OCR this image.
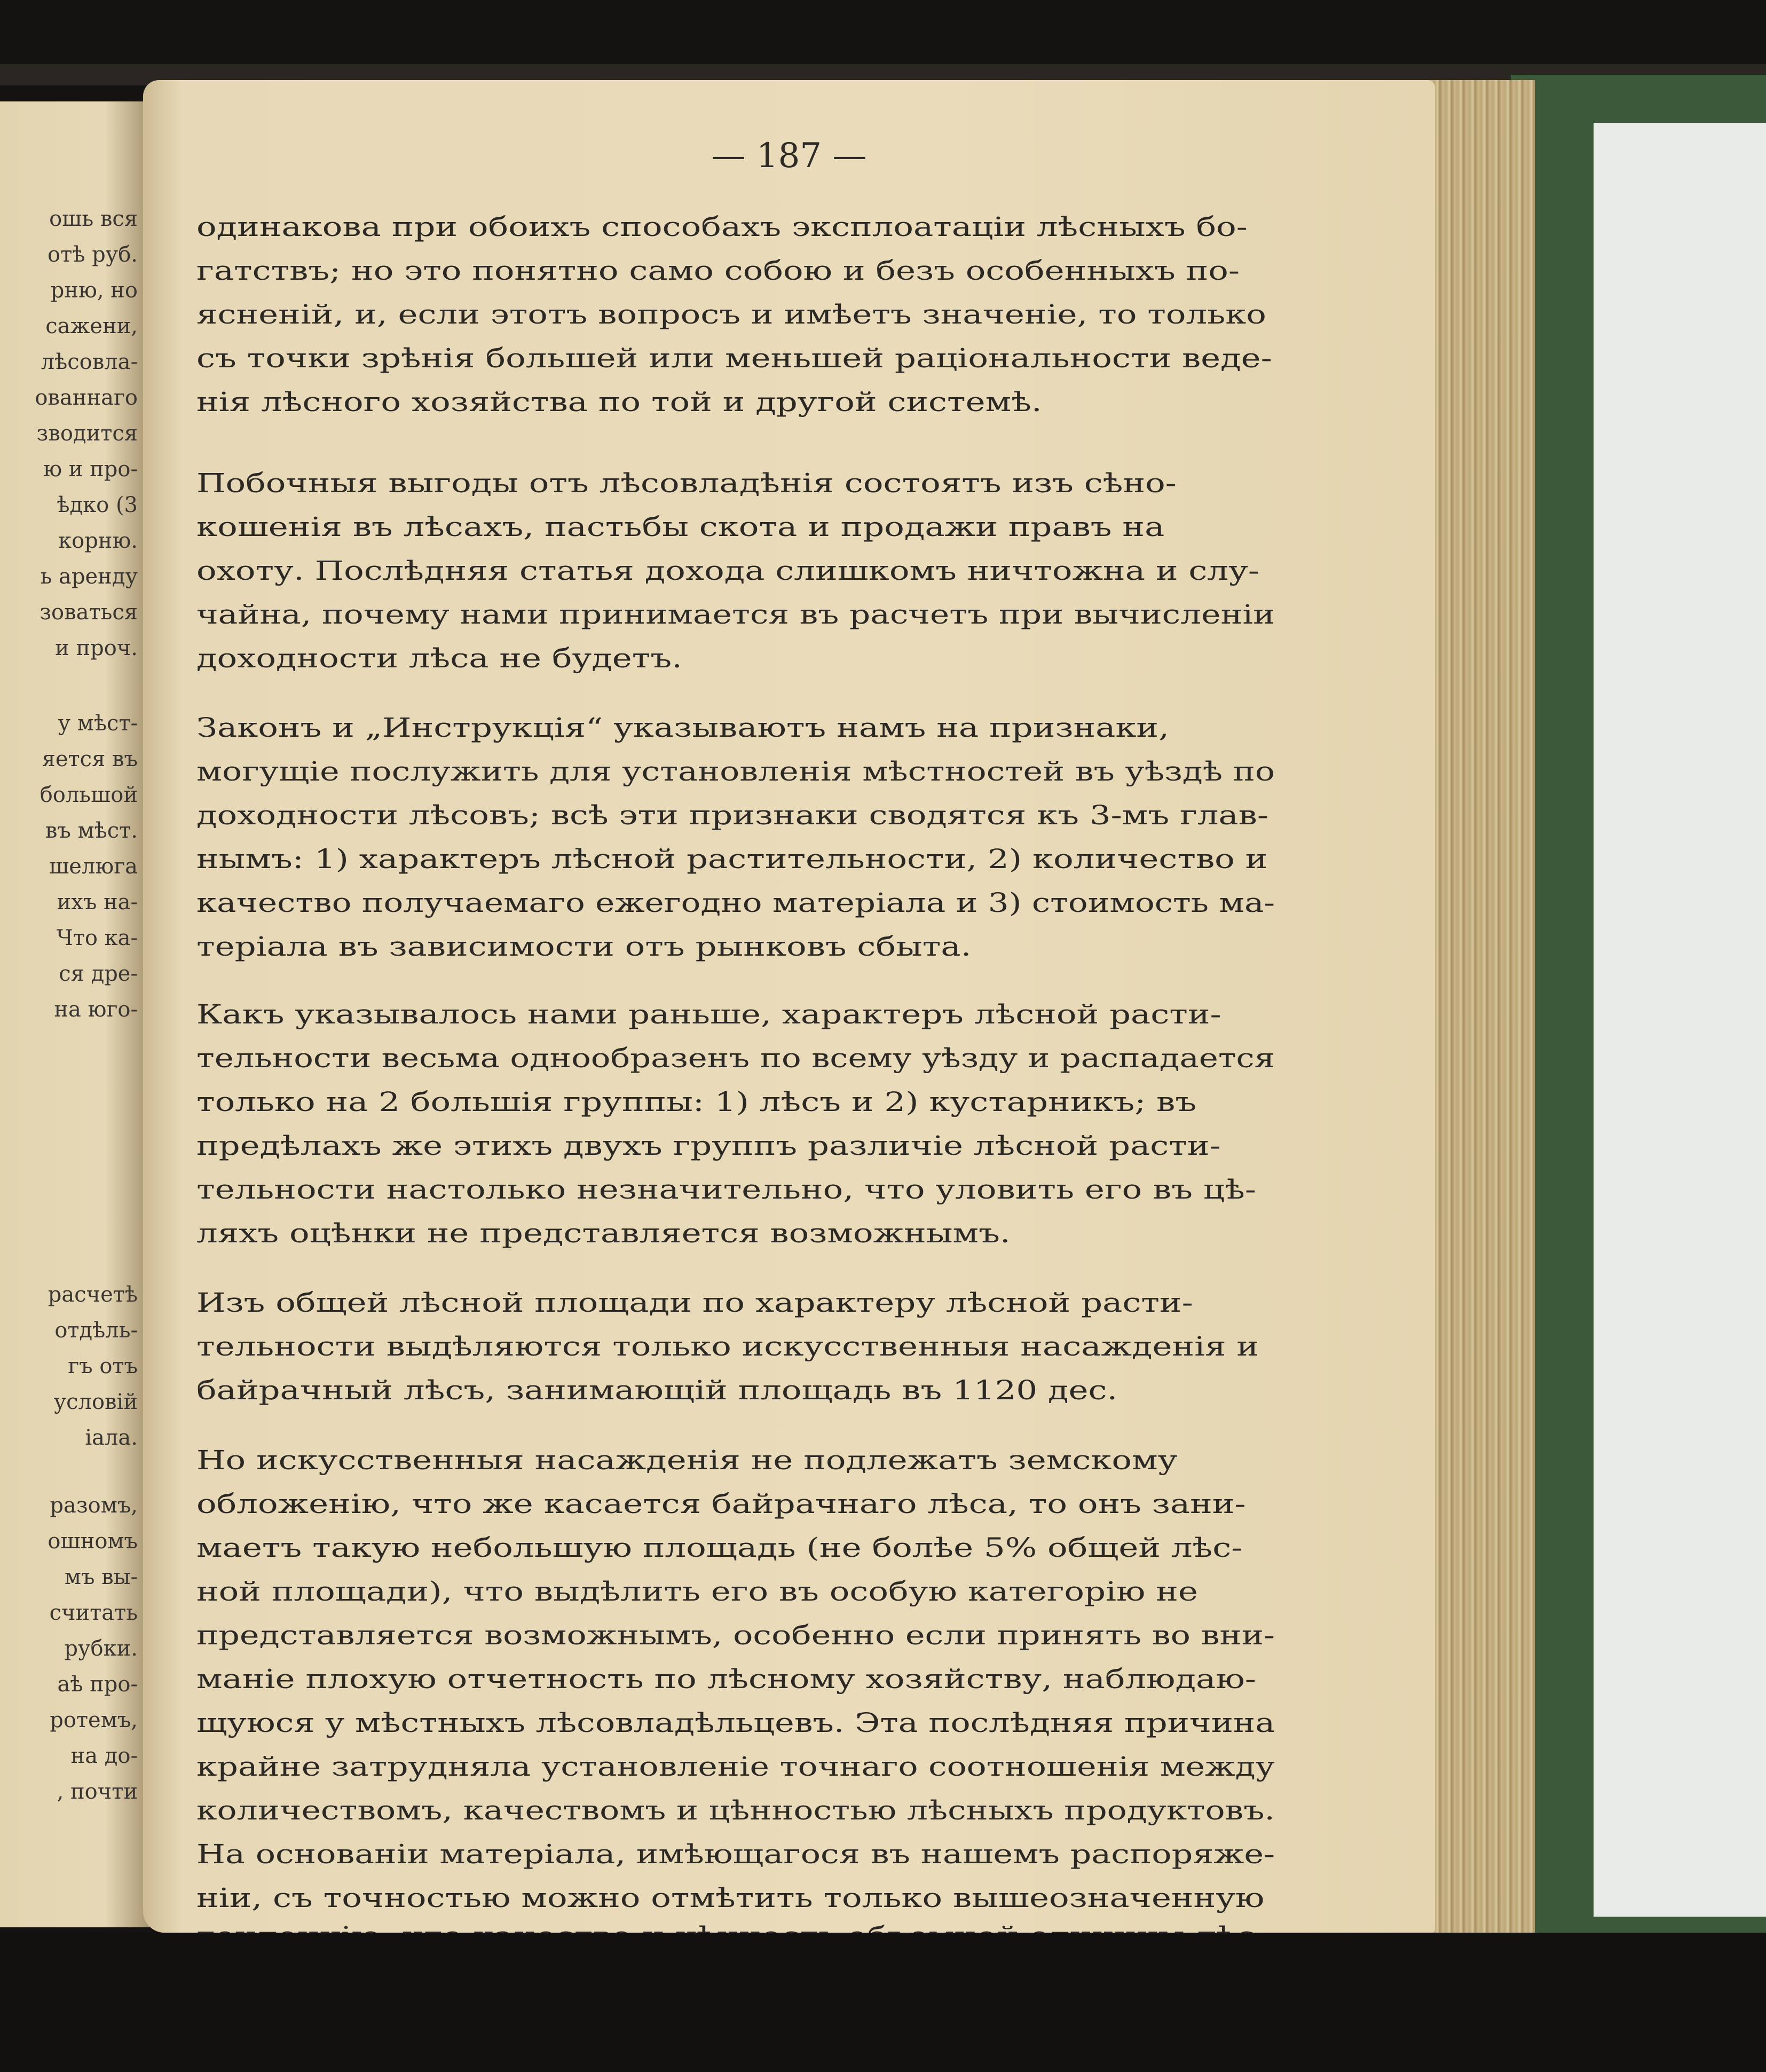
ошь вся
отѣ руб.
рню, но
сажени,
лѣсовла-
ованнаго
зводится
ю и про-
ѣдко (3
корню.
ь аренду
зоваться
и проч.
у мѣст-
яется въ
большой
въ мѣст.
шелюга
ихъ на-
Что ка-
ся дре-
на юго-
расчетѣ
отдѣль-
гъ отъ
условій
іала.
разомъ,
ошномъ
мъ вы-
считать
рубки.
аѣ про-
ротемъ,
на до-
, почти
— 187 —
одинакова при обоихъ способахъ эксплоатаціи лѣсныхъ бо-
гатствъ; но это понятно само собою и безъ особенныхъ по-
ясненій, и, если этотъ вопросъ и имѣетъ значеніе, то только
съ точки зрѣнія большей или меньшей раціональности веде-
нія лѣсного хозяйства по той и другой системѣ.
Побочныя выгоды отъ лѣсовладѣнія состоятъ изъ сѣно-
кошенія въ лѣсахъ, пастьбы скота и продажи правъ на
охоту. Послѣдняя статья дохода слишкомъ ничтожна и слу-
чайна, почему нами принимается въ расчетъ при вычисленіи
доходности лѣса не будетъ.
Законъ и „Инструкція“ указываютъ намъ на признаки,
могущіе послужить для установленія мѣстностей въ уѣздѣ по
доходности лѣсовъ; всѣ эти признаки сводятся къ 3-мъ глав-
нымъ: 1) характеръ лѣсной растительности, 2) количество и
качество получаемаго ежегодно матеріала и 3) стоимость ма-
теріала въ зависимости отъ рынковъ сбыта.
Какъ указывалось нами раньше, характеръ лѣсной расти-
тельности весьма однообразенъ по всему уѣзду и распадается
только на 2 большія группы: 1) лѣсъ и 2) кустарникъ; въ
предѣлахъ же этихъ двухъ группъ различіе лѣсной расти-
тельности настолько незначительно, что уловить его въ цѣ-
ляхъ оцѣнки не представляется возможнымъ.
Изъ общей лѣсной площади по характеру лѣсной расти-
тельности выдѣляются только искусственныя насажденія и
байрачный лѣсъ, занимающій площадь въ 1120 дес.
Но искусственныя насажденія не подлежатъ земскому
обложенію, что же касается байрачнаго лѣса, то онъ зани-
маетъ такую небольшую площадь (не болѣе 5% общей лѣс-
ной площади), что выдѣлить его въ особую категорію не
представляется возможнымъ, особенно если принять во вни-
маніе плохую отчетность по лѣсному хозяйству, наблюдаю-
щуюся у мѣстныхъ лѣсовладѣльцевъ. Эта послѣдняя причина
крайне затрудняла установленіе точнаго соотношенія между
количествомъ, качествомъ и цѣнностью лѣсныхъ продуктовъ.
На основаніи матеріала, имѣющагося въ нашемъ распоряже-
ніи, съ точностью можно отмѣтить только вышеозначенную
